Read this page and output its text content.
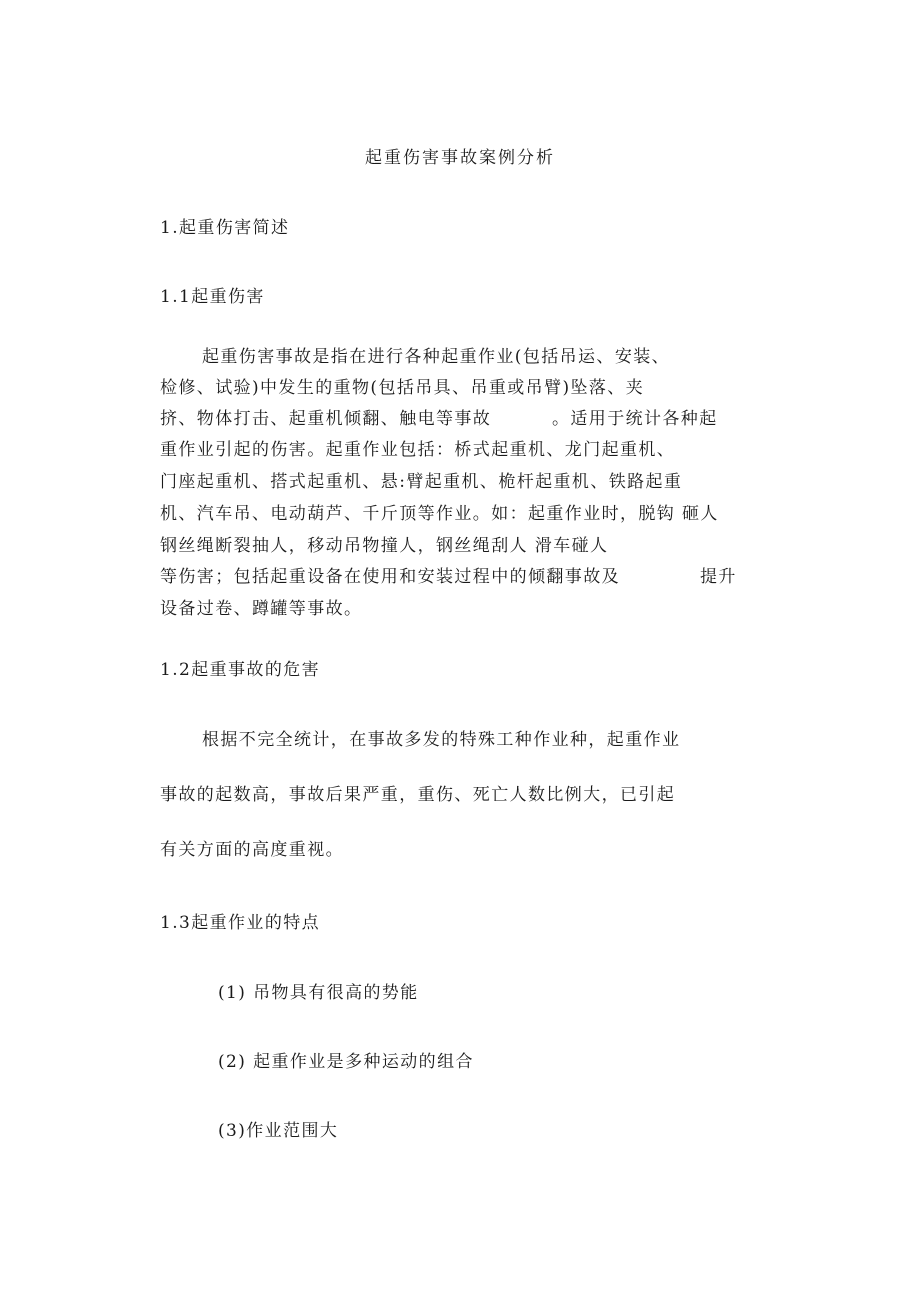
起重伤害事故案例分析
1.起重伤害简述
1.1起重伤害
起重伤害事故是指在进行各种起重作业(包括吊运、安装、
检修、试验)中发生的重物(包括吊具、吊重或吊臂)坠落、夹
挤、物体打击、起重机倾翻、触电等事故	。适用于统计各种起
重作业引起的伤害。起重作业包括：桥式起重机、龙门起重机、
门座起重机、搭式起重机、悬:臂起重机、桅杆起重机、铁路起重
机、汽车吊、电动葫芦、千斤顶等作业。如：起重作业时，脱钩 砸人
钢丝绳断裂抽人，移动吊物撞人，钢丝绳刮人 滑车碰人
等伤害；包括起重设备在使用和安装过程中的倾翻事故及	提升
设备过卷、蹲罐等事故。
1.2起重事故的危害
根据不完全统计，在事故多发的特殊工种作业种，起重作业
事故的起数高，事故后果严重，重伤、死亡人数比例大，已引起
有关方面的高度重视。
1.3起重作业的特点
(1) 吊物具有很高的势能
(2) 起重作业是多种运动的组合
(3)作业范围大
